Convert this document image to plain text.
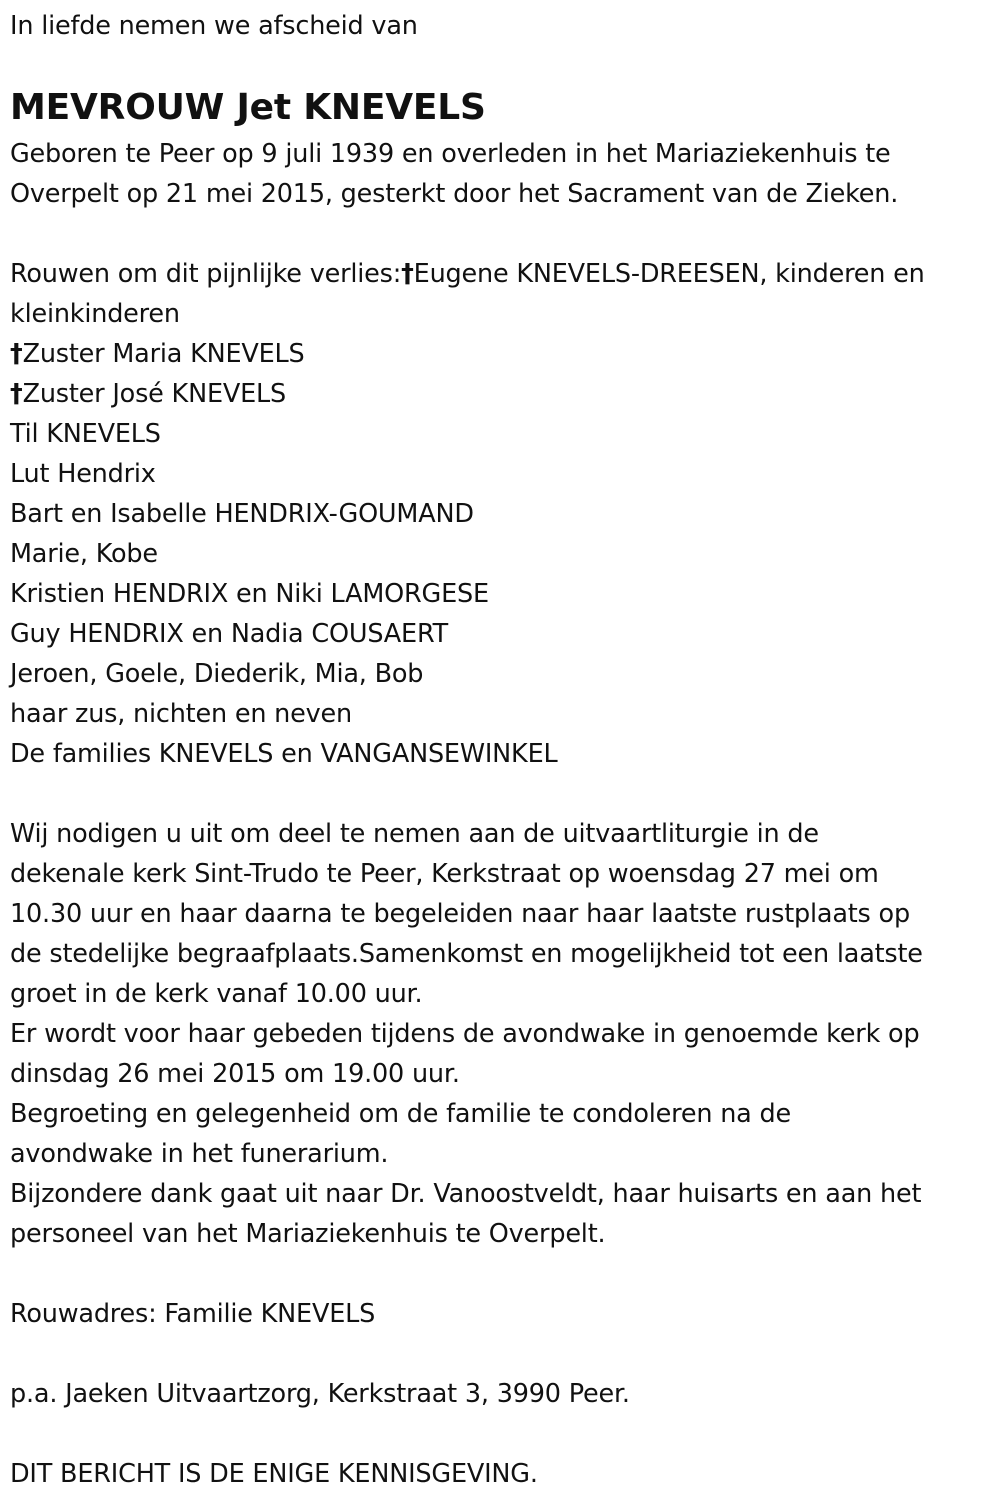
In liefde nemen we afscheid van
MEVROUW Jet KNEVELS
Geboren te Peer op 9 juli 1939 en overleden in het Mariaziekenhuis te
Overpelt op 21 mei 2015, gesterkt door het Sacrament van de Zieken.
Rouwen om dit pijnlijke verlies:†Eugene KNEVELS-DREESEN, kinderen en
kleinkinderen
†Zuster Maria KNEVELS
†Zuster José KNEVELS
Til KNEVELS
Lut Hendrix
Bart en Isabelle HENDRIX-GOUMAND
Marie, Kobe
Kristien HENDRIX en Niki LAMORGESE
Guy HENDRIX en Nadia COUSAERT
Jeroen, Goele, Diederik, Mia, Bob
haar zus, nichten en neven
De families KNEVELS en VANGANSEWINKEL
Wij nodigen u uit om deel te nemen aan de uitvaartliturgie in de
dekenale kerk Sint-Trudo te Peer, Kerkstraat op woensdag 27 mei om
10.30 uur en haar daarna te begeleiden naar haar laatste rustplaats op
de stedelijke begraafplaats.Samenkomst en mogelijkheid tot een laatste
groet in de kerk vanaf 10.00 uur.
Er wordt voor haar gebeden tijdens de avondwake in genoemde kerk op
dinsdag 26 mei 2015 om 19.00 uur.
Begroeting en gelegenheid om de familie te condoleren na de
avondwake in het funerarium.
Bijzondere dank gaat uit naar Dr. Vanoostveldt, haar huisarts en aan het
personeel van het Mariaziekenhuis te Overpelt.
Rouwadres: Familie KNEVELS
p.a. Jaeken Uitvaartzorg, Kerkstraat 3, 3990 Peer.
DIT BERICHT IS DE ENIGE KENNISGEVING.
